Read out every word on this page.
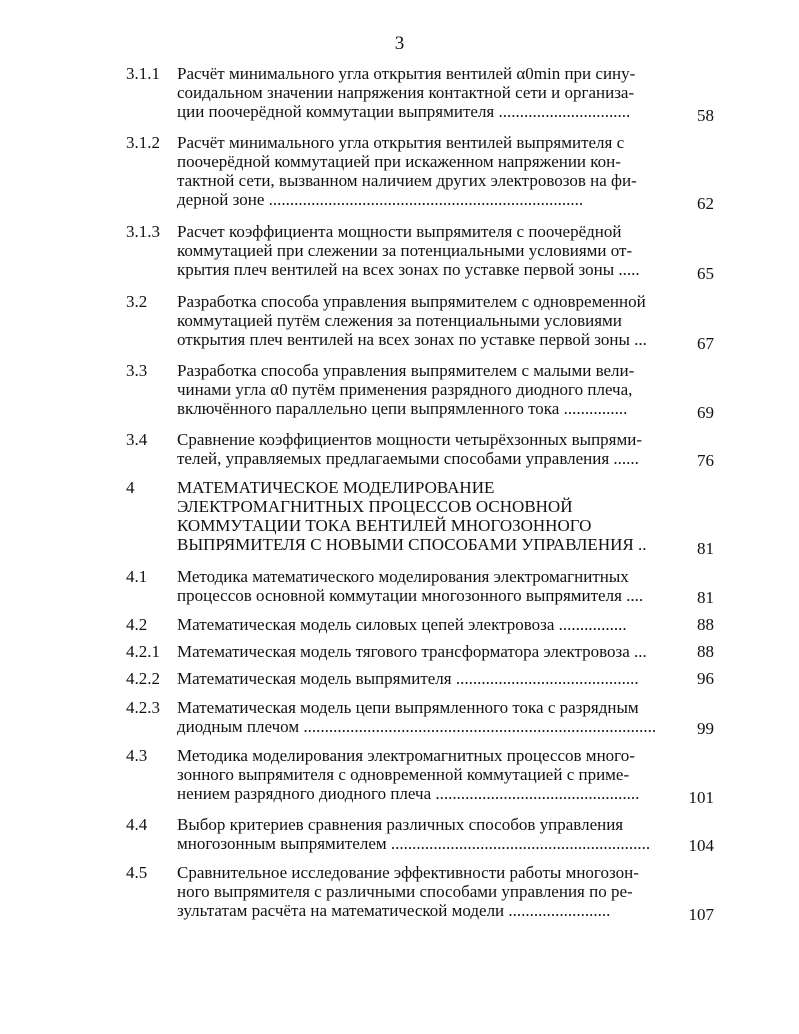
3
3.1.1 Расчёт минимального угла открытия вентилей α0min при сину-
соидальном значении напряжения контактной сети и организа-
ции поочерёдной коммутации выпрямителя ...............................	58
3.1.2 Расчёт минимального угла открытия вентилей выпрямителя с
поочерёдной коммутацией при искаженном напряжении кон-
тактной сети, вызванном наличием других электровозов на фи-
дерной зоне ..........................................................................	62
3.1.3 Расчет коэффициента мощности выпрямителя с поочерёдной
коммутацией при слежении за потенциальными условиями от-
крытия плеч вентилей на всех зонах по уставке первой зоны .....	65
3.2 Разработка способа управления выпрямителем с одновременной
коммутацией путём слежения за потенциальными условиями
открытия плеч вентилей на всех зонах по уставке первой зоны ...	67
3.3 Разработка способа управления выпрямителем с малыми вели-
чинами угла α0 путём применения разрядного диодного плеча,
включённого параллельно цепи выпрямленного тока ...............	69
3.4 Сравнение коэффициентов мощности четырёхзонных выпрями-
телей, управляемых предлагаемыми способами управления ......	76
4	МАТЕМАТИЧЕСКОЕ МОДЕЛИРОВАНИЕ
ЭЛЕКТРОМАГНИТНЫХ ПРОЦЕССОВ ОСНОВНОЙ
КОММУТАЦИИ ТОКА ВЕНТИЛЕЙ МНОГОЗОННОГО
ВЫПРЯМИТЕЛЯ С НОВЫМИ СПОСОБАМИ УПРАВЛЕНИЯ ..	81
4.1 Методика математического моделирования электромагнитных
процессов основной коммутации многозонного выпрямителя ....	81
4.2 Математическая модель силовых цепей электровоза ................	88
4.2.1 Математическая модель тягового трансформатора электровоза ...	88
4.2.2 Математическая модель выпрямителя ...........................................	96
4.2.3 Математическая модель цепи выпрямленного тока с разрядным
диодным плечом ...................................................................................	99
4.3 Методика моделирования электромагнитных процессов много-
зонного выпрямителя с одновременной коммутацией с приме-
нением разрядного диодного плеча ................................................	101
4.4 Выбор критериев сравнения различных способов управления
многозонным выпрямителем .............................................................	104
4.5 Сравнительное исследование эффективности работы многозон-
ного выпрямителя с различными способами управления по ре-
зультатам расчёта на математической модели ........................	107
